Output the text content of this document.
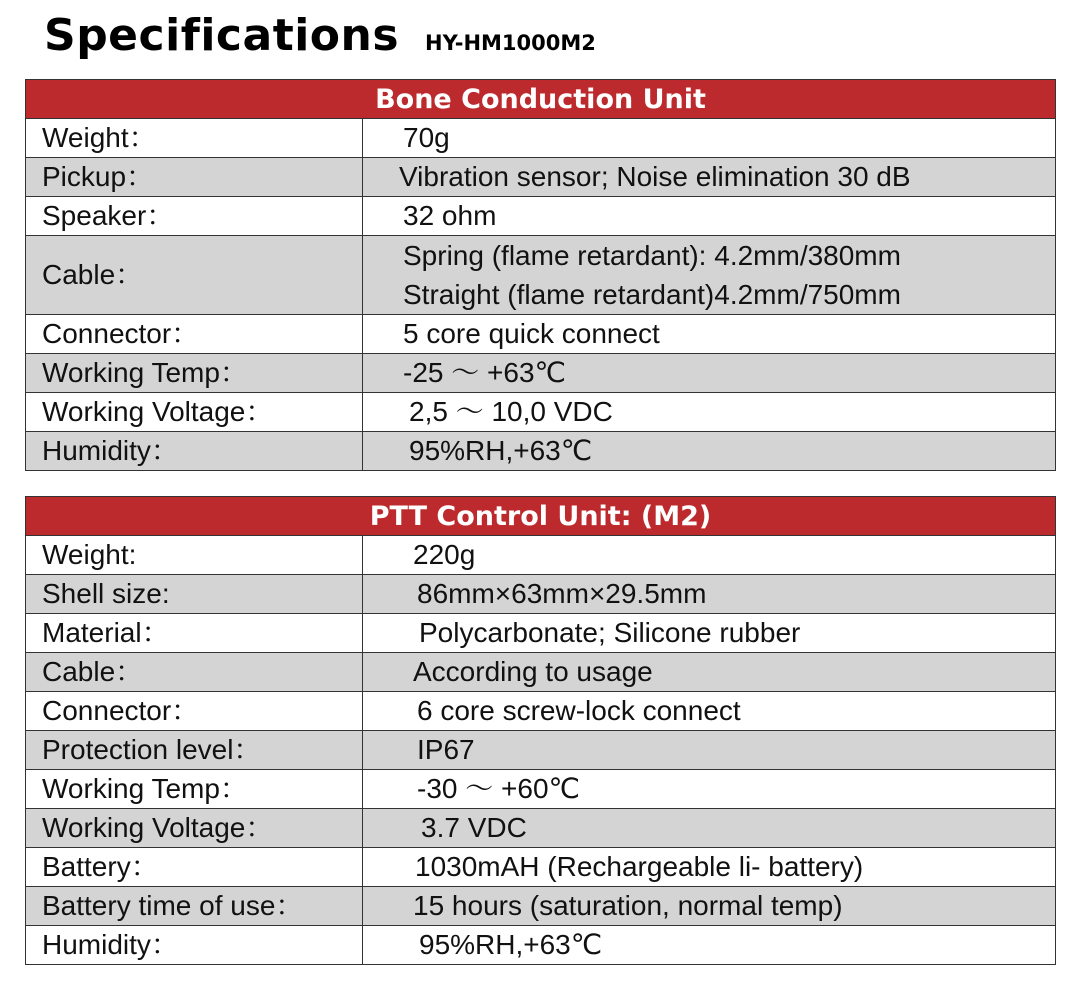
Specifications HY-HM1000M2
Bone Conduction Unit	
Weight：	70g
Pickup：	Vibration sensor; Noise elimination 30 dB
Speaker：	32 ohm
Cable：	Spring (flame retardant): 4.2mm/380mm
Straight (flame retardant)4.2mm/750mm

Connector：	5 core quick connect
Working Temp：	-25 ～ +63℃
Working Voltage：	2,5 ～ 10,0 VDC
Humidity：	95%RH,+63℃
PTT Control Unit: (M2)	
Weight:	220g
Shell size:	86mm×63mm×29.5mm
Material：	Polycarbonate; Silicone rubber
Cable：	According to usage
Connector：	6 core screw-lock connect
Protection level：	IP67
Working Temp：	-30 ～ +60℃
Working Voltage：	3.7 VDC
Battery：	1030mAH (Rechargeable li- battery)
Battery time of use：	15 hours (saturation, normal temp)
Humidity：	95%RH,+63℃
